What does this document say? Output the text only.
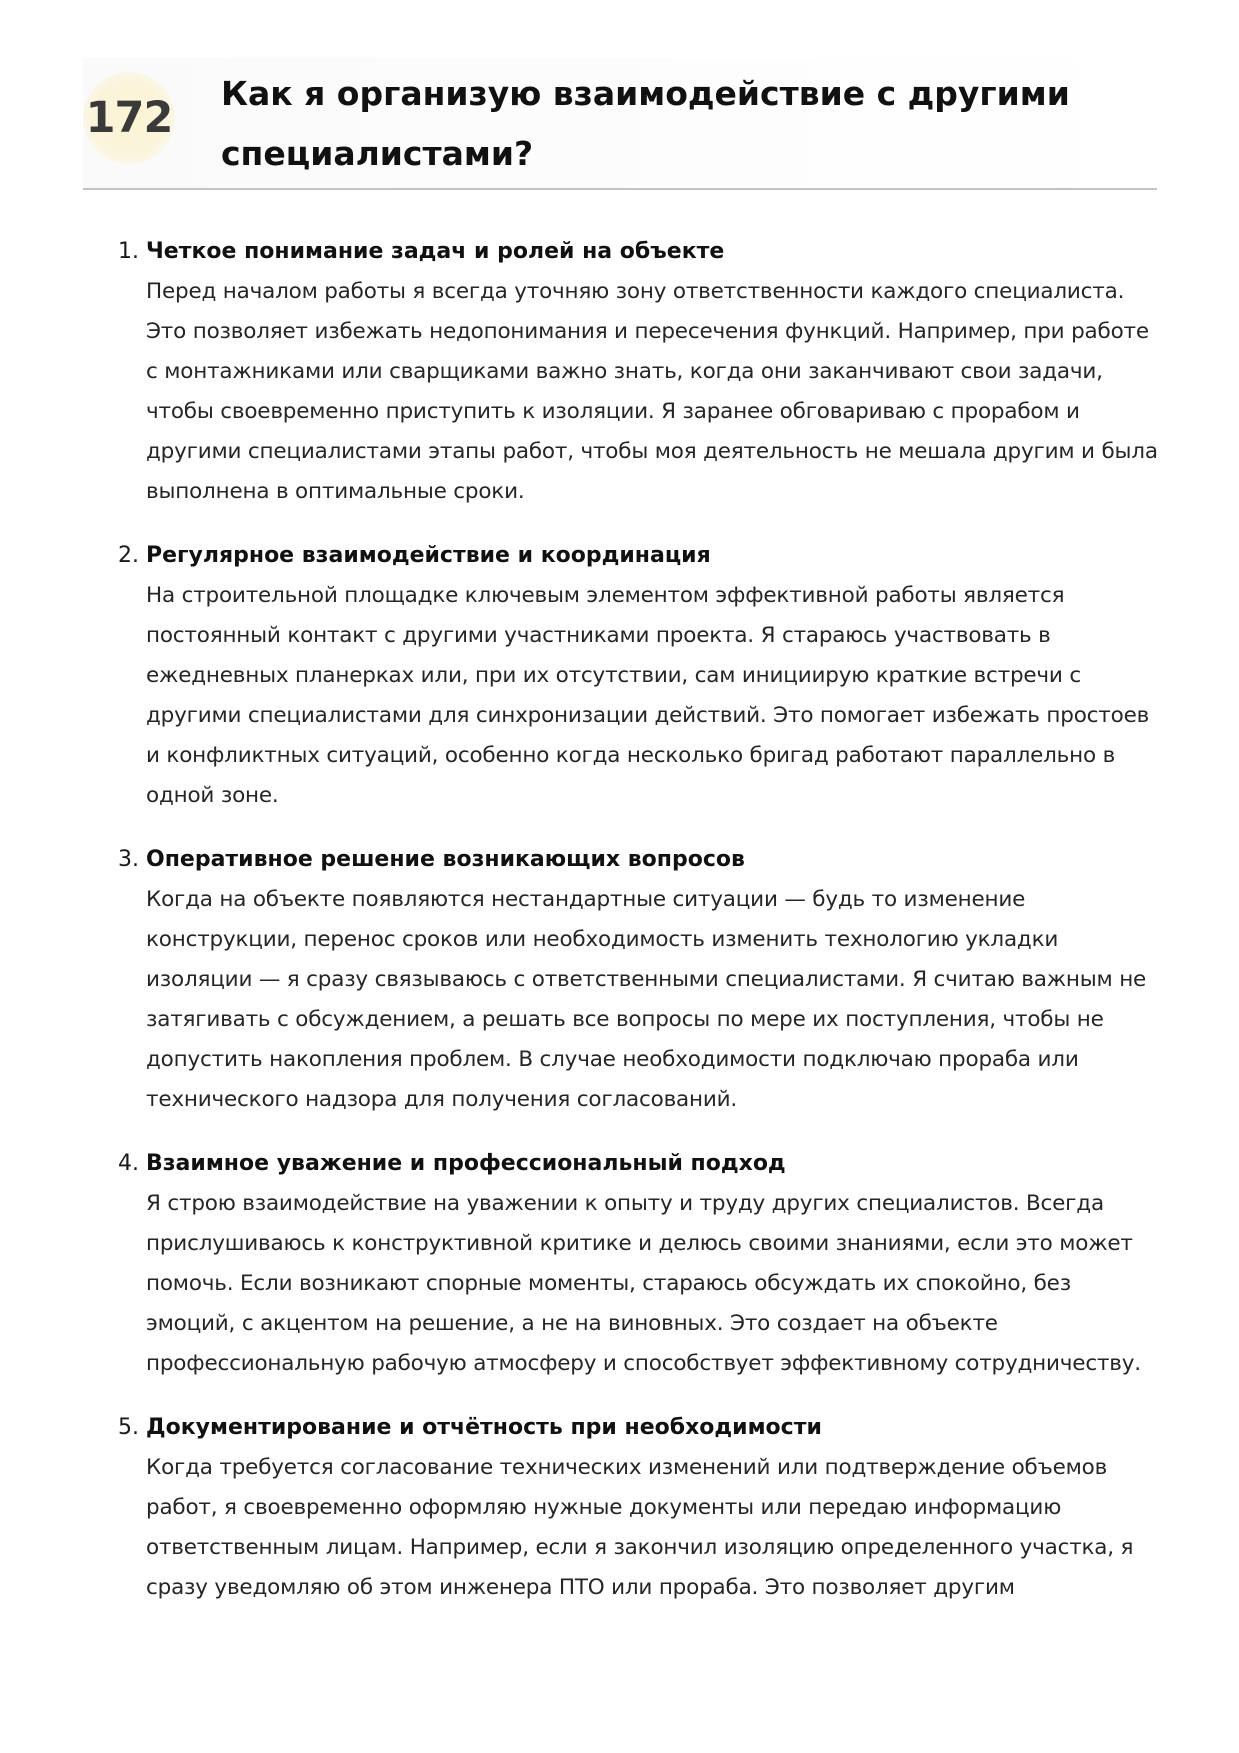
172 Как я организую взаимодействие с другими специалистами?
1. Четкое понимание задач и ролей на объекте
Перед началом работы я всегда уточняю зону ответственности каждого специалиста. Это позволяет избежать недопонимания и пересечения функций. Например, при работе с монтажниками или сварщиками важно знать, когда они заканчивают свои задачи, чтобы своевременно приступить к изоляции. Я заранее обговариваю с прорабом и другими специалистами этапы работ, чтобы моя деятельность не мешала другим и была выполнена в оптимальные сроки.
2. Регулярное взаимодействие и координация
На строительной площадке ключевым элементом эффективной работы является постоянный контакт с другими участниками проекта. Я стараюсь участвовать в ежедневных планерках или, при их отсутствии, сам инициирую краткие встречи с другими специалистами для синхронизации действий. Это помогает избежать простоев и конфликтных ситуаций, особенно когда несколько бригад работают параллельно в одной зоне.
3. Оперативное решение возникающих вопросов
Когда на объекте появляются нестандартные ситуации — будь то изменение конструкции, перенос сроков или необходимость изменить технологию укладки изоляции — я сразу связываюсь с ответственными специалистами. Я считаю важным не затягивать с обсуждением, а решать все вопросы по мере их поступления, чтобы не допустить накопления проблем. В случае необходимости подключаю прораба или технического надзора для получения согласований.
4. Взаимное уважение и профессиональный подход
Я строю взаимодействие на уважении к опыту и труду других специалистов. Всегда прислушиваюсь к конструктивной критике и делюсь своими знаниями, если это может помочь. Если возникают спорные моменты, стараюсь обсуждать их спокойно, без эмоций, с акцентом на решение, а не на виновных. Это создает на объекте профессиональную рабочую атмосферу и способствует эффективному сотрудничеству.
5. Документирование и отчётность при необходимости
Когда требуется согласование технических изменений или подтверждение объемов работ, я своевременно оформляю нужные документы или передаю информацию ответственным лицам. Например, если я закончил изоляцию определенного участка, я сразу уведомляю об этом инженера ПТО или прораба. Это позволяет другим
